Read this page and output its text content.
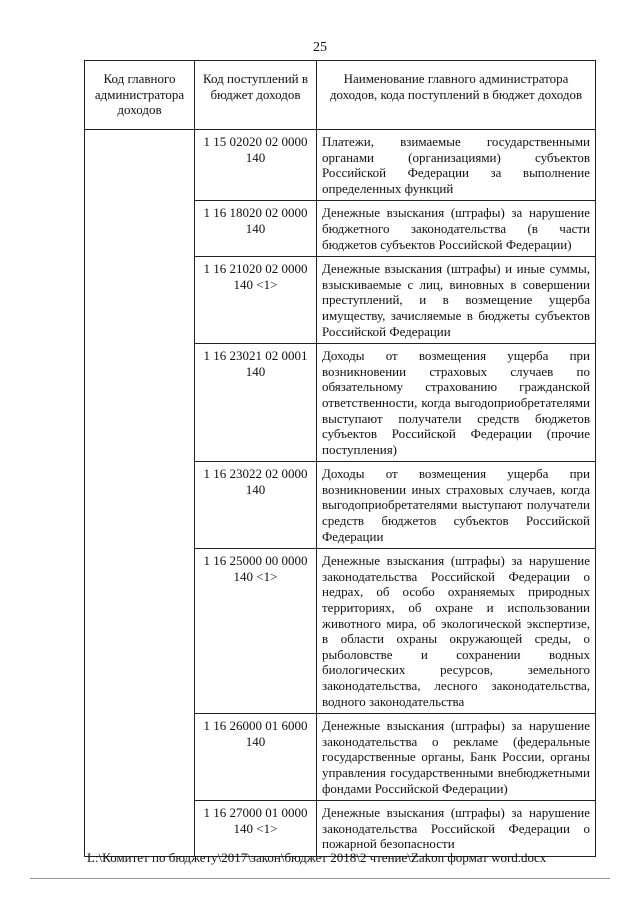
25
Код главного администратора доходов	Код поступлений в бюджет доходов	Наименование главного администратора доходов, кода поступлений в бюджет доходов
	1 15 02020 02 0000 140	Платежи, взимаемые государственными органами (организациями) субъектов Российской Федерации за выполнение определенных функций
	1 16 18020 02 0000 140	Денежные взыскания (штрафы) за нарушение бюджетного законодательства (в части бюджетов субъектов Российской Федерации)
	1 16 21020 02 0000 140 <1>	Денежные взыскания (штрафы) и иные суммы, взыскиваемые с лиц, виновных в совершении преступлений, и в возмещение ущерба имуществу, зачисляемые в бюджеты субъектов Российской Федерации
	1 16 23021 02 0001 140	Доходы от возмещения ущерба при возникновении страховых случаев по обязательному страхованию гражданской ответственности, когда выгодоприобретателями выступают получатели средств бюджетов субъектов Российской Федерации (прочие поступления)
	1 16 23022 02 0000 140	Доходы от возмещения ущерба при возникновении иных страховых случаев, когда выгодоприобретателями выступают получатели средств бюджетов субъектов Российской Федерации
	1 16 25000 00 0000 140 <1>	Денежные взыскания (штрафы) за нарушение законодательства Российской Федерации о недрах, об особо охраняемых природных территориях, об охране и использовании животного мира, об экологической экспертизе, в области охраны окружающей среды, о рыболовстве и сохранении водных биологических ресурсов, земельного законодательства, лесного законодательства, водного законодательства
	1 16 26000 01 6000 140	Денежные взыскания (штрафы) за нарушение законодательства о рекламе (федеральные государственные органы, Банк России, органы управления государственными внебюджетными фондами Российской Федерации)
	1 16 27000 01 0000 140 <1>	Денежные взыскания (штрафы) за нарушение законодательства Российской Федерации о пожарной безопасности
L:\Комитет по бюджету\2017\закон\бюджет 2018\2 чтение\Zakon формат word.docx
